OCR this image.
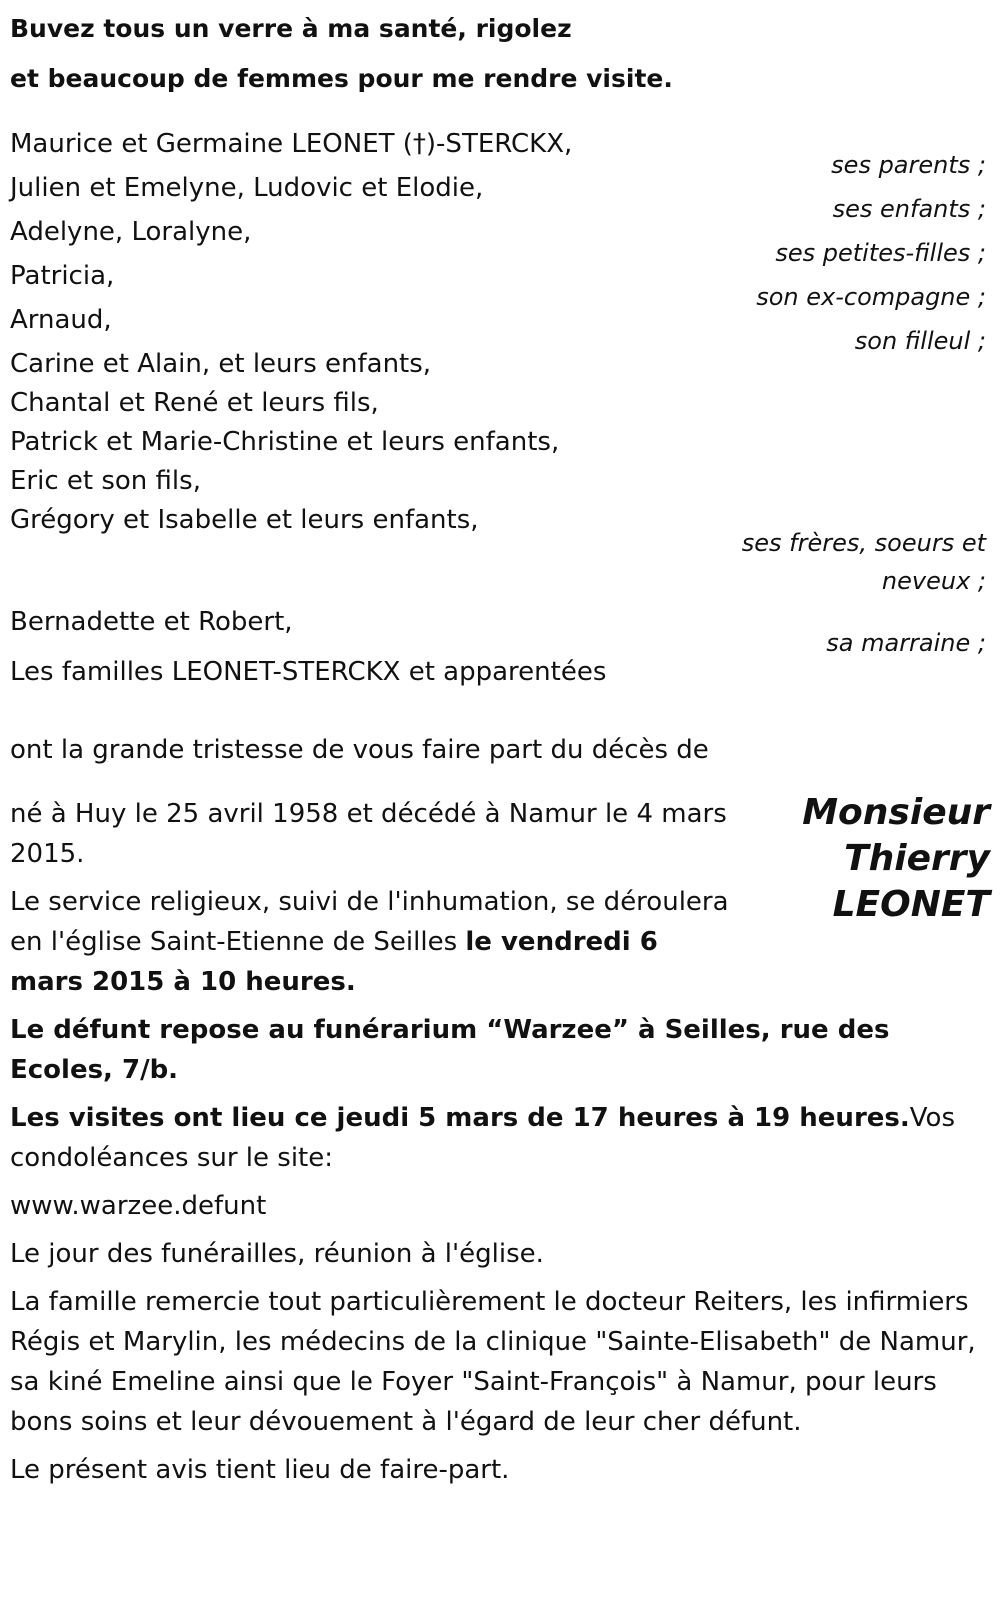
Buvez tous un verre à ma santé, rigolez
et beaucoup de femmes pour me rendre visite.
Maurice et Germaine LEONET (†)-STERCKX,
ses parents ;
Julien et Emelyne, Ludovic et Elodie,
ses enfants ;
Adelyne, Loralyne,
ses petites-filles ;
Patricia,
son ex-compagne ;
Arnaud,
son filleul ;
Carine et Alain, et leurs enfants,
Chantal et René et leurs fils,
Patrick et Marie-Christine et leurs enfants,
Eric et son fils,
Grégory et Isabelle et leurs enfants,
ses frères, soeurs et
neveux ;
Bernadette et Robert,
sa marraine ;
Les familles LEONET-STERCKX et apparentées
ont la grande tristesse de vous faire part du décès de
Monsieur
Thierry
LEONET

né à Huy le 25 avril 1958 et décédé à Namur le 4 mars 2015.

Le service religieux, suivi de l'inhumation, se déroulera en l'église Saint-Etienne de Seilles le vendredi 6 mars 2015 à 10 heures.

Le défunt repose au funérarium “Warzee” à Seilles, rue des Ecoles, 7/b.

Les visites ont lieu ce jeudi 5 mars de 17 heures à 19 heures.Vos condoléances sur le site:

www.warzee.defunt

Le jour des funérailles, réunion à l'église.

La famille remercie tout particulièrement le docteur Reiters, les infirmiers Régis et Marylin, les médecins de la clinique "Sainte-Elisabeth" de Namur, sa kiné Emeline ainsi que le Foyer "Saint-François" à Namur, pour leurs bons soins et leur dévouement à l'égard de leur cher défunt.

Le présent avis tient lieu de faire-part.
